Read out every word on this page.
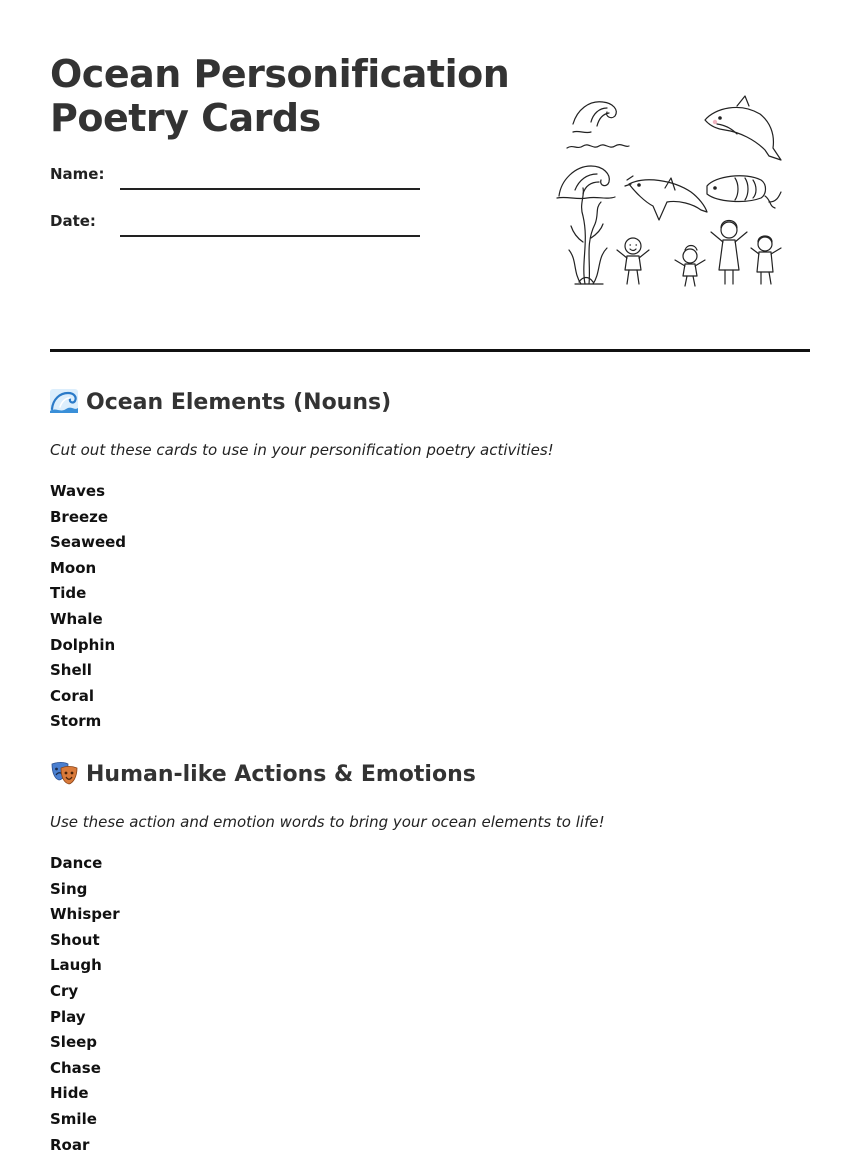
Ocean Personification
Poetry Cards
Name:
Date:
Ocean Elements (Nouns)
Cut out these cards to use in your personification poetry activities!
Waves
Breeze
Seaweed
Moon
Tide
Whale
Dolphin
Shell
Coral
Storm
Human-like Actions & Emotions
Use these action and emotion words to bring your ocean elements to life!
Dance
Sing
Whisper
Shout
Laugh
Cry
Play
Sleep
Chase
Hide
Smile
Roar
